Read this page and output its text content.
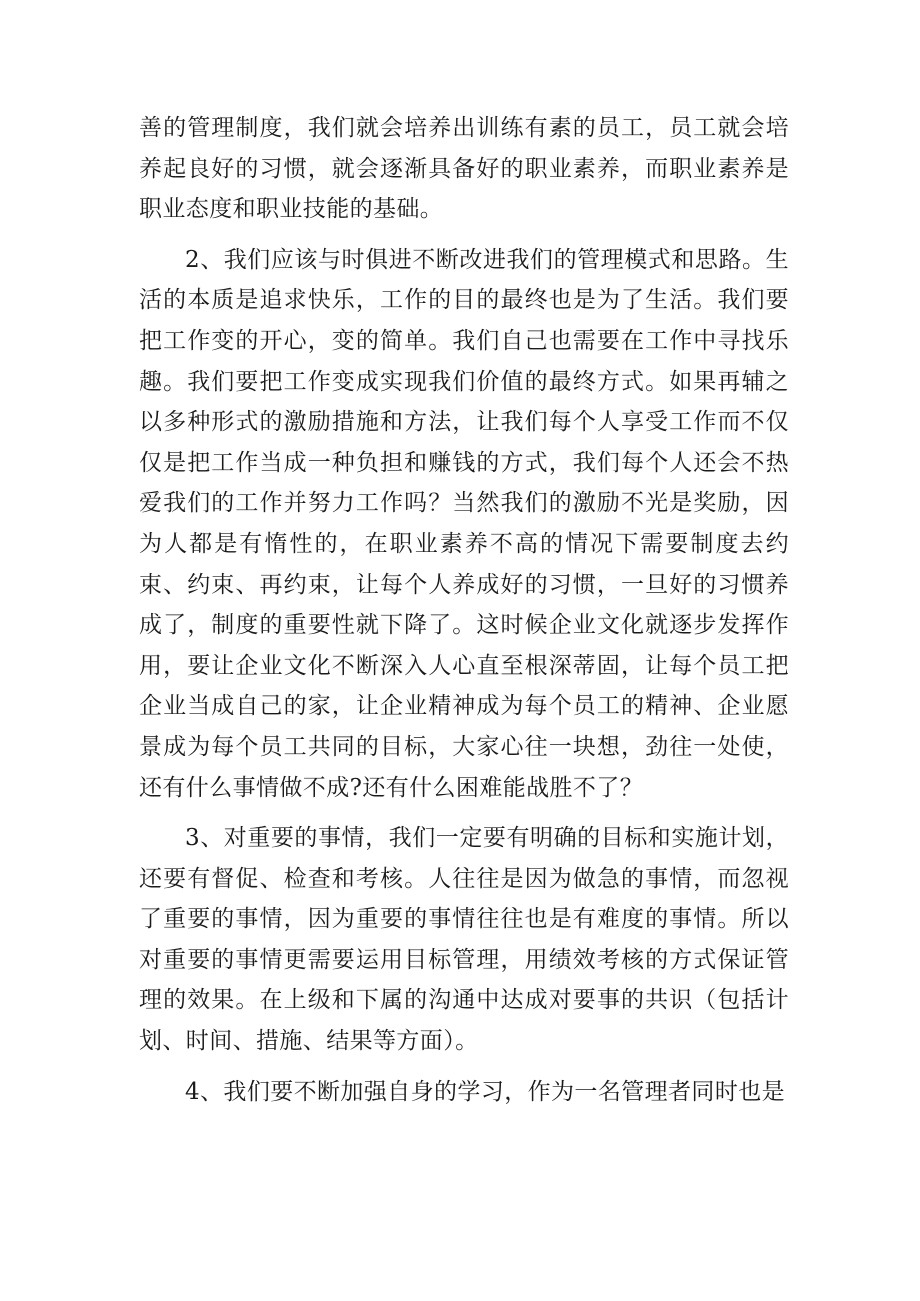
善的管理制度，我们就会培养出训练有素的员工，员工就会培养起良好的习惯，就会逐渐具备好的职业素养，而职业素养是职业态度和职业技能的基础。

2、我们应该与时俱进不断改进我们的管理模式和思路。生活的本质是追求快乐，工作的目的最终也是为了生活。我们要把工作变的开心，变的简单。我们自己也需要在工作中寻找乐趣。我们要把工作变成实现我们价值的最终方式。如果再辅之以多种形式的激励措施和方法，让我们每个人享受工作而不仅仅是把工作当成一种负担和赚钱的方式，我们每个人还会不热爱我们的工作并努力工作吗？当然我们的激励不光是奖励，因为人都是有惰性的，在职业素养不高的情况下需要制度去约束、约束、再约束，让每个人养成好的习惯，一旦好的习惯养成了，制度的重要性就下降了。这时候企业文化就逐步发挥作用，要让企业文化不断深入人心直至根深蒂固，让每个员工把企业当成自己的家，让企业精神成为每个员工的精神、企业愿景成为每个员工共同的目标，大家心往一块想，劲往一处使，还有什么事情做不成?还有什么困难能战胜不了？

3、对重要的事情，我们一定要有明确的目标和实施计划，还要有督促、检查和考核。人往往是因为做急的事情，而忽视了重要的事情，因为重要的事情往往也是有难度的事情。所以对重要的事情更需要运用目标管理，用绩效考核的方式保证管理的效果。在上级和下属的沟通中达成对要事的共识（包括计划、时间、措施、结果等方面）。

4、我们要不断加强自身的学习，作为一名管理者同时也是
